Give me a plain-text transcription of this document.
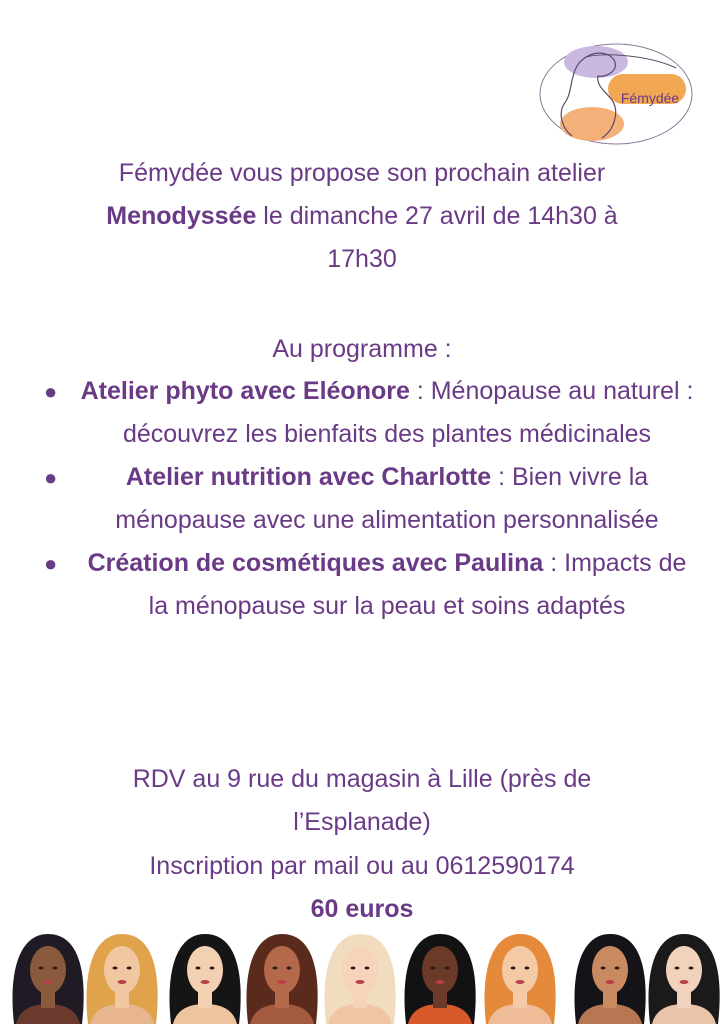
Fémydée
Fémydée vous propose son prochain atelier
Menodyssée le dimanche 27 avril de 14h30 à
17h30
Au programme :
● Atelier phyto avec Eléonore : Ménopause au naturel : découvrez les bienfaits des plantes médicinales
●	Atelier nutrition avec Charlotte : Bien vivre la ménopause avec une alimentation personnalisée
● Création de cosmétiques avec Paulina : Impacts de la ménopause sur la peau et soins adaptés
RDV au 9 rue du magasin à Lille (près de
l’Esplanade)
Inscription par mail ou au 0612590174
60 euros
